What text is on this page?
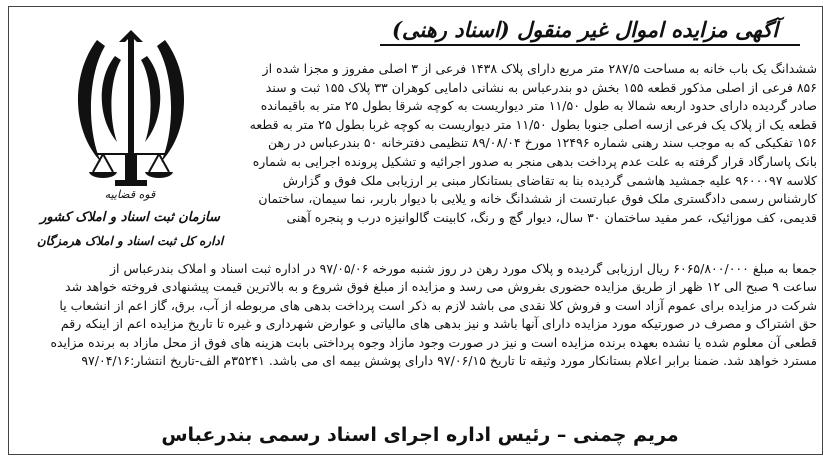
آگهی مزایده اموال غیر منقول (اسناد رهنی)
قوه قضاییه
سازمان ثبت اسناد و املاک کشور
اداره کل ثبت اسناد و املاک هرمزگان

ششدانگ یک باب خانه به مساحت ۲۸۷/۵ متر مربع دارای پلاک ۱۴۳۸ فرعی از ۳ اصلی مفروز و مجزا شده از

۸۵۶ فرعی از اصلی مذکور قطعه ۱۵۵ بخش دو بندرعباس به نشانی دامایی کوهران ۳۳ پلاک ۱۵۵ ثبت و سند

صادر گردیده دارای حدود اربعه شمالا به طول ۱۱/۵۰ متر دیواریست به کوچه شرقا بطول ۲۵ متر به باقیمانده

قطعه یک از پلاک یک فرعی ازسه اصلی جنوبا بطول ۱۱/۵۰ متر دیواریست به کوچه غربا بطول ۲۵ متر به قطعه

۱۵۶ تفکیکی که به موجب سند رهنی شماره ۱۲۴۹۶ مورخ ۸۹/۰۸/۰۴ تنظیمی دفترخانه ۵۰ بندرعباس در رهن

بانک پاسارگاد قرار گرفته به علت عدم پرداخت بدهی منجر به صدور اجرائیه و تشکیل پرونده اجرایی به شماره

کلاسه ۹۶۰۰۰۹۷ علیه جمشید هاشمی گردیده بنا به تقاضای بستانکار مبنی بر ارزیابی ملک فوق و گزارش

کارشناس رسمی دادگستری ملک فوق عبارتست از ششدانگ خانه و یلایی با دیوار باربر، نما سیمان، ساختمان

قدیمی، کف موزائیک، عمر مفید ساختمان ۳۰ سال، دیوار گچ و رنگ، کابینت گالوانیزه درب و پنجره آهنی

جمعا به مبلغ ۶۰۶۵/۸۰۰/۰۰۰ ریال ارزیابی گردیده و پلاک مورد رهن در روز شنبه مورخه ۹۷/۰۵/۰۶ در اداره ثبت اسناد و املاک بندرعباس از

ساعت ۹ صبح الی ۱۲ ظهر از طریق مزایده حضوری بفروش می رسد و مزایده از مبلغ فوق شروع و به بالاترین قیمت پیشنهادی فروخته خواهد شد

شرکت در مزایده برای عموم آزاد است و فروش کلا نقدی می باشد لازم به ذکر است پرداخت بدهی های مربوطه از آب، برق، گاز اعم از انشعاب یا

حق اشتراک و مصرف در صورتیکه مورد مزایده دارای آنها باشد و نیز بدهی های مالیاتی و عوارض شهرداری و غیره تا تاریخ مزایده اعم از اینکه رقم

قطعی آن معلوم شده یا نشده بعهده برنده مزایده است و نیز در صورت وجود مازاد وجوه پرداختی بابت هزینه های فوق از محل مازاد به برنده مزایده

مسترد خواهد شد. ضمنا برابر اعلام بستانکار مورد وثیقه تا تاریخ ۹۷/۰۶/۱۵ دارای پوشش بیمه ای می باشد. ۳۵۲۴۱م الف-تاریخ انتشار:۹۷/۰۴/۱۶

مریم چمنی – رئیس اداره اجرای اسناد رسمی بندرعباس
